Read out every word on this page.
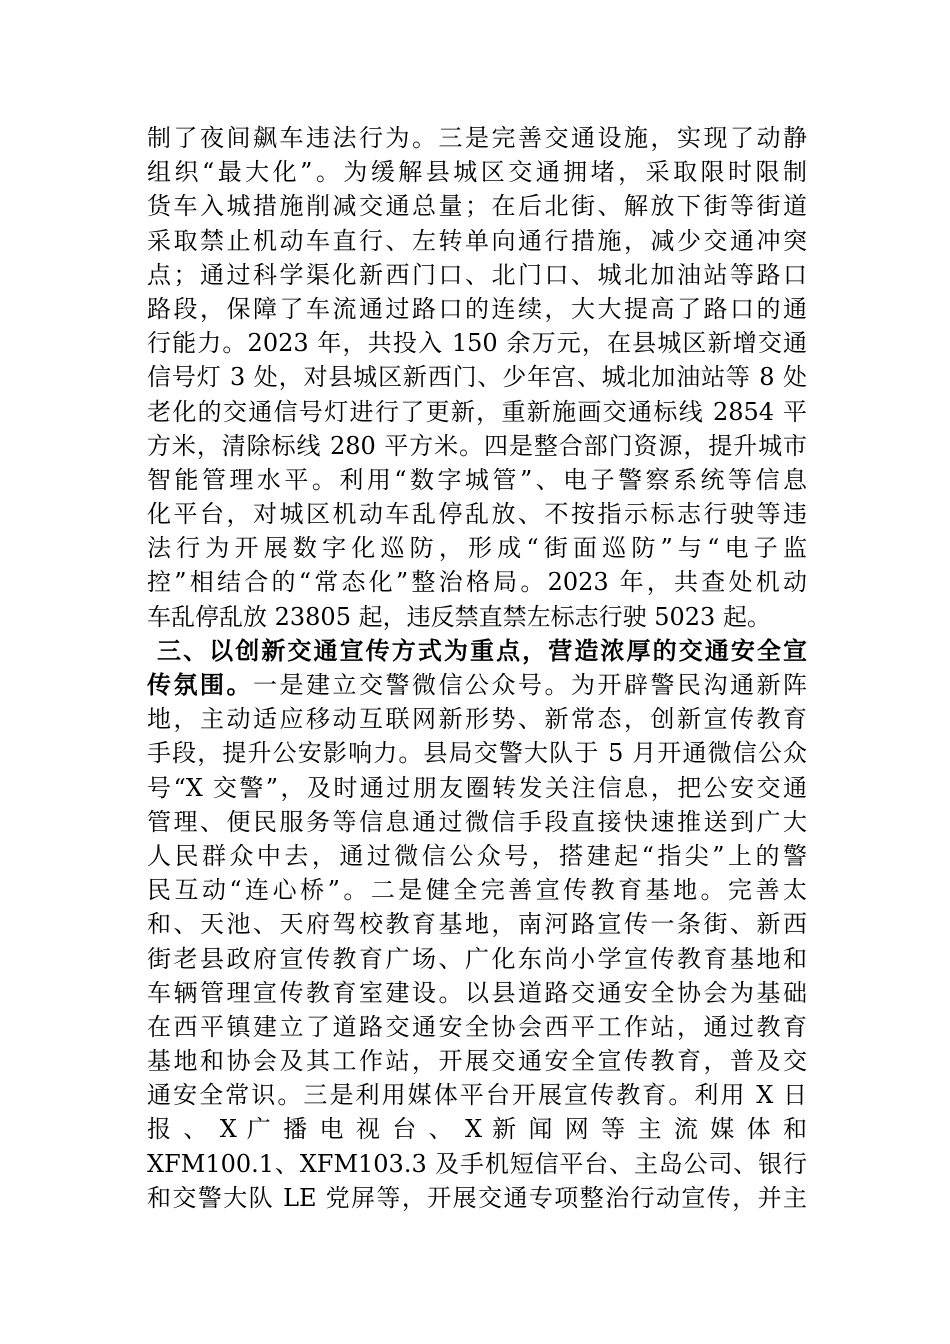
制了夜间飙车违法行为。三是完善交通设施，实现了动静
组织“最大化”。为缓解县城区交通拥堵，采取限时限制
货车入城措施削减交通总量；在后北街、解放下街等街道
采取禁止机动车直行、左转单向通行措施，减少交通冲突
点；通过科学渠化新西门口、北门口、城北加油站等路口
路段，保障了车流通过路口的连续，大大提高了路口的通
行能力。2023 年，共投入 150 余万元，在县城区新增交通
信号灯 3 处，对县城区新西门、少年宫、城北加油站等 8 处
老化的交通信号灯进行了更新，重新施画交通标线 2854 平
方米，清除标线 280 平方米。四是整合部门资源，提升城市
智能管理水平。利用“数字城管”、电子警察系统等信息
化平台，对城区机动车乱停乱放、不按指示标志行驶等违
法行为开展数字化巡防，形成“街面巡防”与“电子监
控”相结合的“常态化”整治格局。2023 年，共查处机动
车乱停乱放 23805 起，违反禁直禁左标志行驶 5023 起。
三、以创新交通宣传方式为重点，营造浓厚的交通安全宣
传氛围。一是建立交警微信公众号。为开辟警民沟通新阵
地，主动适应移动互联网新形势、新常态，创新宣传教育
手段，提升公安影响力。县局交警大队于 5 月开通微信公众
号“X 交警”，及时通过朋友圈转发关注信息，把公安交通
管理、便民服务等信息通过微信手段直接快速推送到广大
人民群众中去，通过微信公众号，搭建起“指尖”上的警
民互动“连心桥”。二是健全完善宣传教育基地。完善太
和、天池、天府驾校教育基地，南河路宣传一条街、新西
街老县政府宣传教育广场、广化东尚小学宣传教育基地和
车辆管理宣传教育室建设。以县道路交通安全协会为基础
在西平镇建立了道路交通安全协会西平工作站，通过教育
基地和协会及其工作站，开展交通安全宣传教育，普及交
通安全常识。三是利用媒体平台开展宣传教育。利用 X 日
报 、 X 广 播 电 视 台 、 X 新 闻 网 等 主 流 媒 体 和
XFM100.1、XFM103.3 及手机短信平台、主岛公司、银行
和交警大队 LE 党屏等，开展交通专项整治行动宣传，并主
